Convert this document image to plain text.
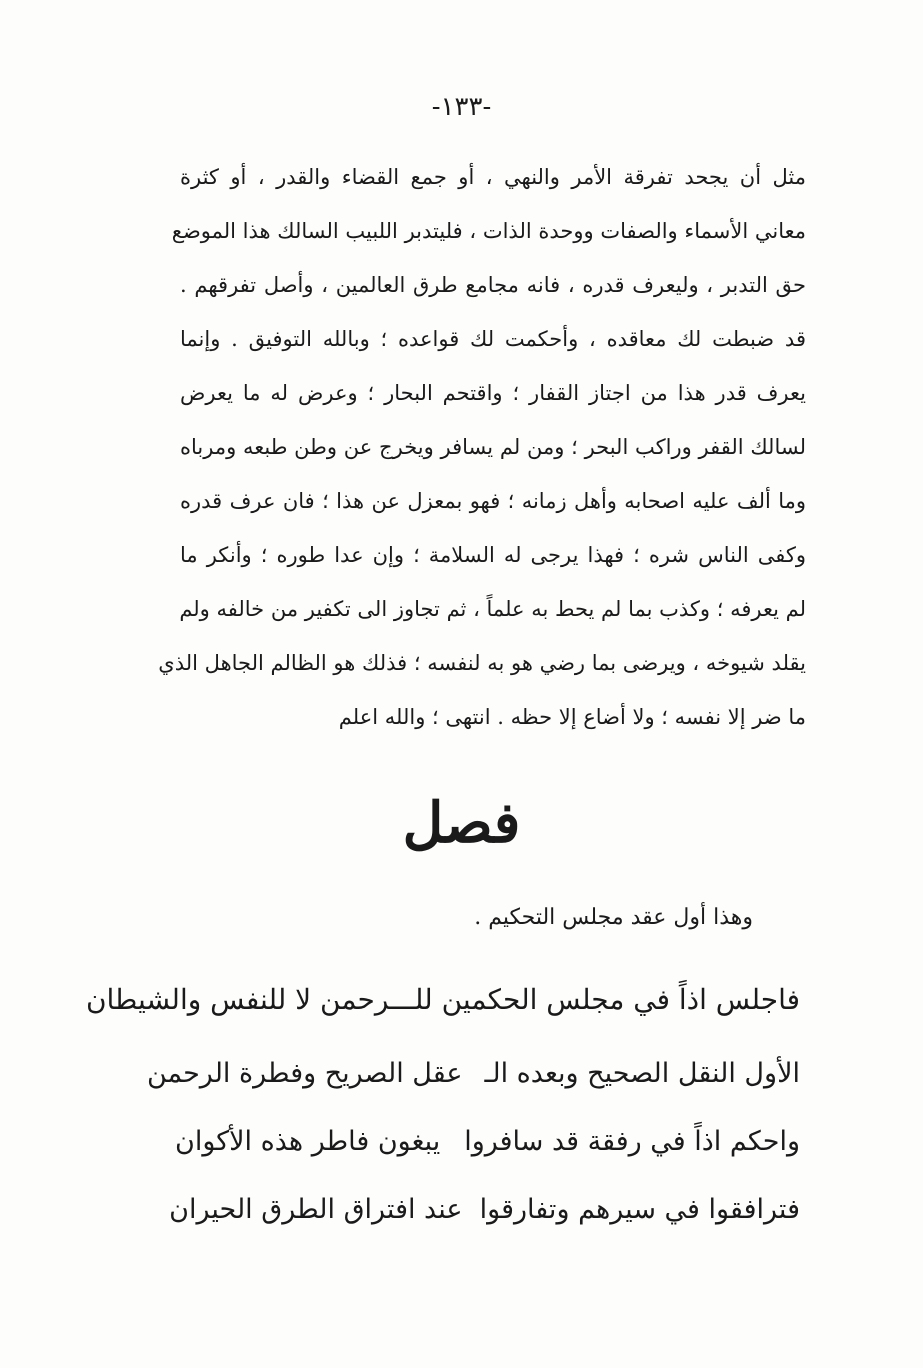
-١٣٣-
مثل أن يجحد تفرقة الأمر والنهي ، أو جمع القضاء والقدر ، أو كثرة
معاني الأسماء والصفات ووحدة الذات ، فليتدبر اللبيب السالك هذا الموضع
حق التدبر ، وليعرف قدره ، فانه مجامع طرق العالمين ، وأصل تفرقهم .
قد ضبطت لك معاقده ، وأحكمت لك قواعده ؛ وبالله التوفيق . وإنما
يعرف قدر هذا من اجتاز القفار ؛ واقتحم البحار ؛ وعرض له ما يعرض
لسالك القفر وراكب البحر ؛ ومن لم يسافر ويخرج عن وطن طبعه ومرباه
وما ألف عليه اصحابه وأهل زمانه ؛ فهو بمعزل عن هذا ؛ فان عرف قدره
وكفى الناس شره ؛ فهذا يرجى له السلامة ؛ وإن عدا طوره ؛ وأنكر ما
لم يعرفه ؛ وكذب بما لم يحط به علماً ، ثم تجاوز الى تكفير من خالفه ولم
يقلد شيوخه ، ويرضى بما رضي هو به لنفسه ؛ فذلك هو الظالم الجاهل الذي
ما ضر إلا نفسه ؛ ولا أضاع إلا حظه . انتهى ؛ والله اعلم
فصل
وهذا أول عقد مجلس التحكيم .
فاجلس اذاً في مجلس الحكمين للـــرحمن لا للنفس والشيطان
الأول النقل الصحيح وبعده الـ
عقل الصريح وفطرة الرحمن
واحكم اذاً في رفقة قد سافروا
يبغون فاطر هذه الأكوان
فترافقوا في سيرهم وتفارقوا
عند افتراق الطرق الحيران
